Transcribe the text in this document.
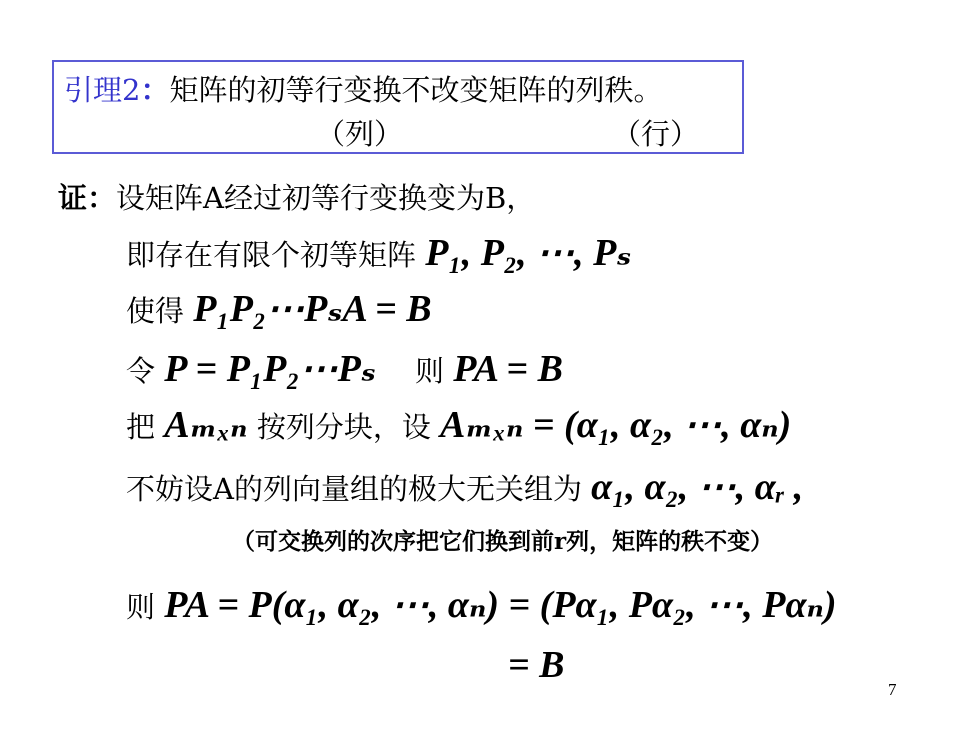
引理2：矩阵的初等行变换不改变矩阵的列秩。
（列）	（行）
证：设矩阵A经过初等行变换变为B，
即存在有限个初等矩阵 P₁, P₂, ⋯, Pₛ
使得 P₁P₂⋯PₛA = B
令 P = P₁P₂⋯Pₛ 则 PA = B
把 Aₘₓₙ 按列分块，设 Aₘₓₙ = (α₁, α₂, ⋯, αₙ)
不妨设A的列向量组的极大无关组为 α₁, α₂, ⋯, αᵣ ,
（可交换列的次序把它们换到前r列，矩阵的秩不变）
则 PA = P(α₁, α₂, ⋯, αₙ) = (Pα₁, Pα₂, ⋯, Pαₙ)
= B
7
